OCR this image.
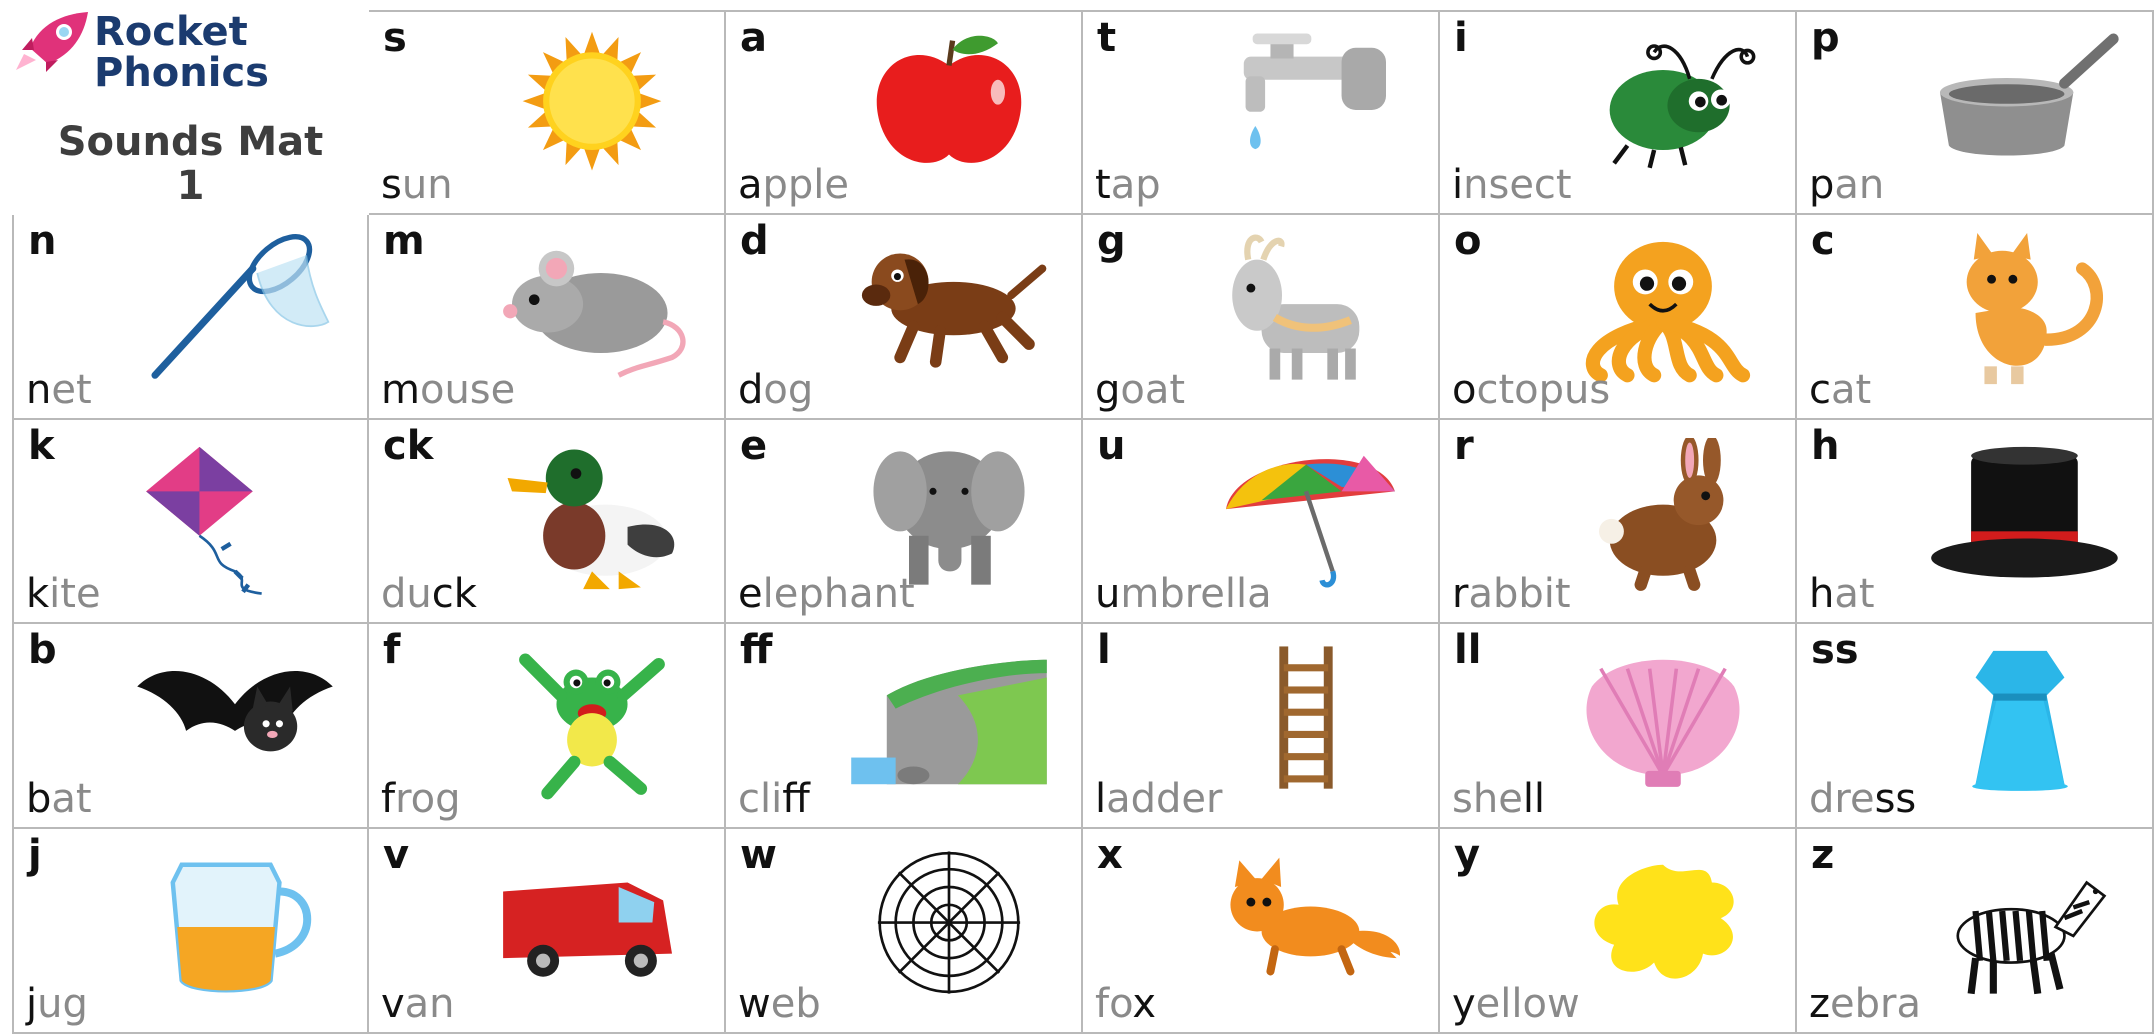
Rocket
Phonics
Sounds Mat
1
s
sun
a
apple
t
tap
i
insect
p
pan
n
net
m
mouse
d
dog
g
goat
o
octopus
c
cat
k
kite
ck
duck
e
elephant
u
umbrella
r
rabbit
h
hat
b
bat
f
frog
ff
cliff
l
ladder
ll
shell
ss
dress
j
jug
v
van
w
web
x
fox
y
yellow
z
zebra
